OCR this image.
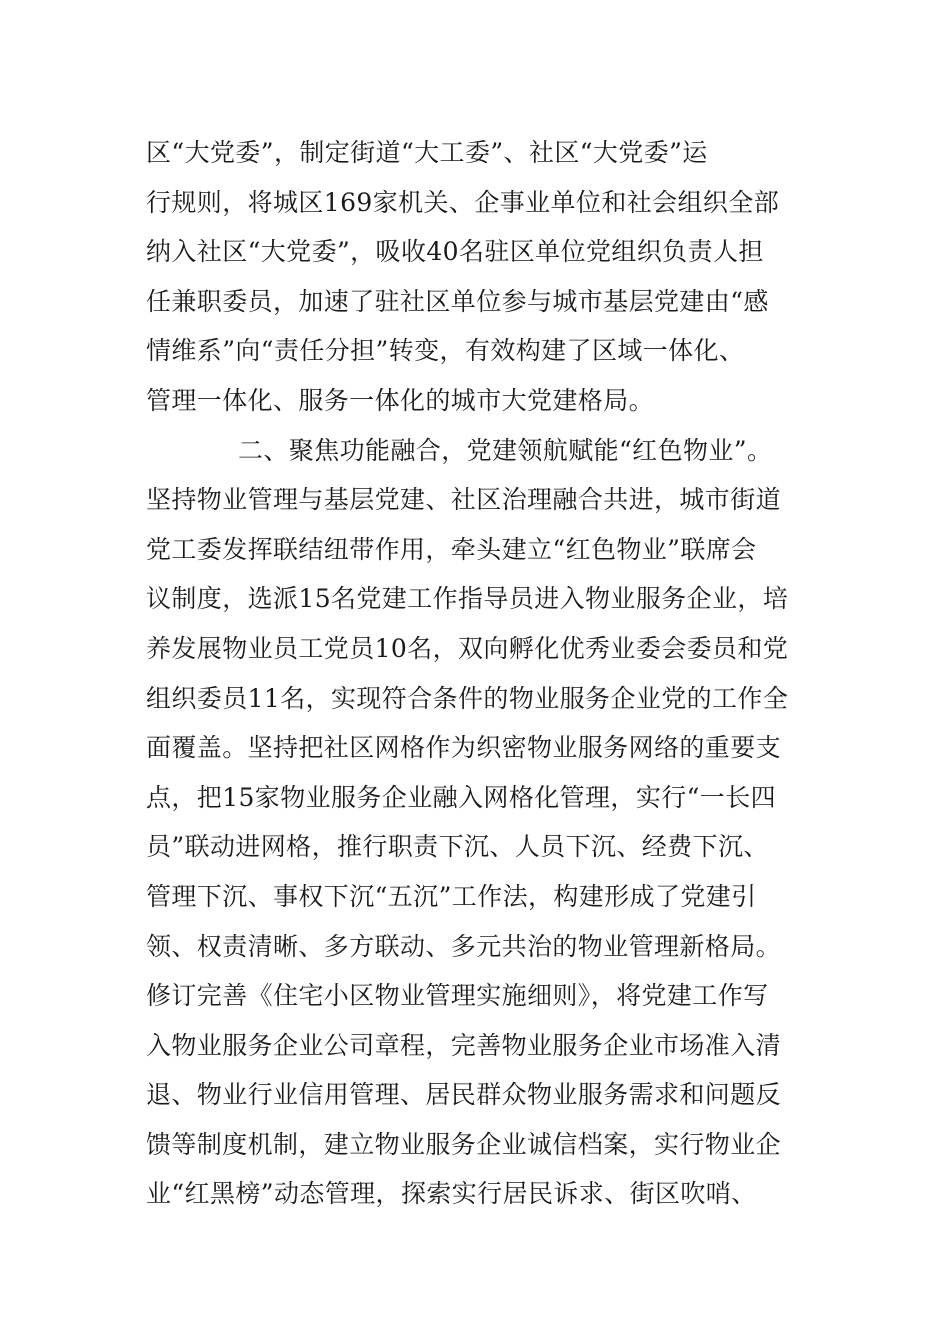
区“大党委”，制定街道“大工委”、社区“大党委”运
行规则，将城区169家机关、企事业单位和社会组织全部
纳入社区“大党委”，吸收40名驻区单位党组织负责人担
任兼职委员，加速了驻社区单位参与城市基层党建由“感
情维系”向“责任分担”转变，有效构建了区域一体化、
管理一体化、服务一体化的城市大党建格局。
二、聚焦功能融合，党建领航赋能“红色物业”。
坚持物业管理与基层党建、社区治理融合共进，城市街道
党工委发挥联结纽带作用，牵头建立“红色物业”联席会
议制度，选派15名党建工作指导员进入物业服务企业，培
养发展物业员工党员10名，双向孵化优秀业委会委员和党
组织委员11名，实现符合条件的物业服务企业党的工作全
面覆盖。坚持把社区网格作为织密物业服务网络的重要支
点，把15家物业服务企业融入网格化管理，实行“一长四
员”联动进网格，推行职责下沉、人员下沉、经费下沉、
管理下沉、事权下沉“五沉”工作法，构建形成了党建引
领、权责清晰、多方联动、多元共治的物业管理新格局。
修订完善《住宅小区物业管理实施细则》，将党建工作写
入物业服务企业公司章程，完善物业服务企业市场准入清
退、物业行业信用管理、居民群众物业服务需求和问题反
馈等制度机制，建立物业服务企业诚信档案，实行物业企
业“红黑榜”动态管理，探索实行居民诉求、街区吹哨、
